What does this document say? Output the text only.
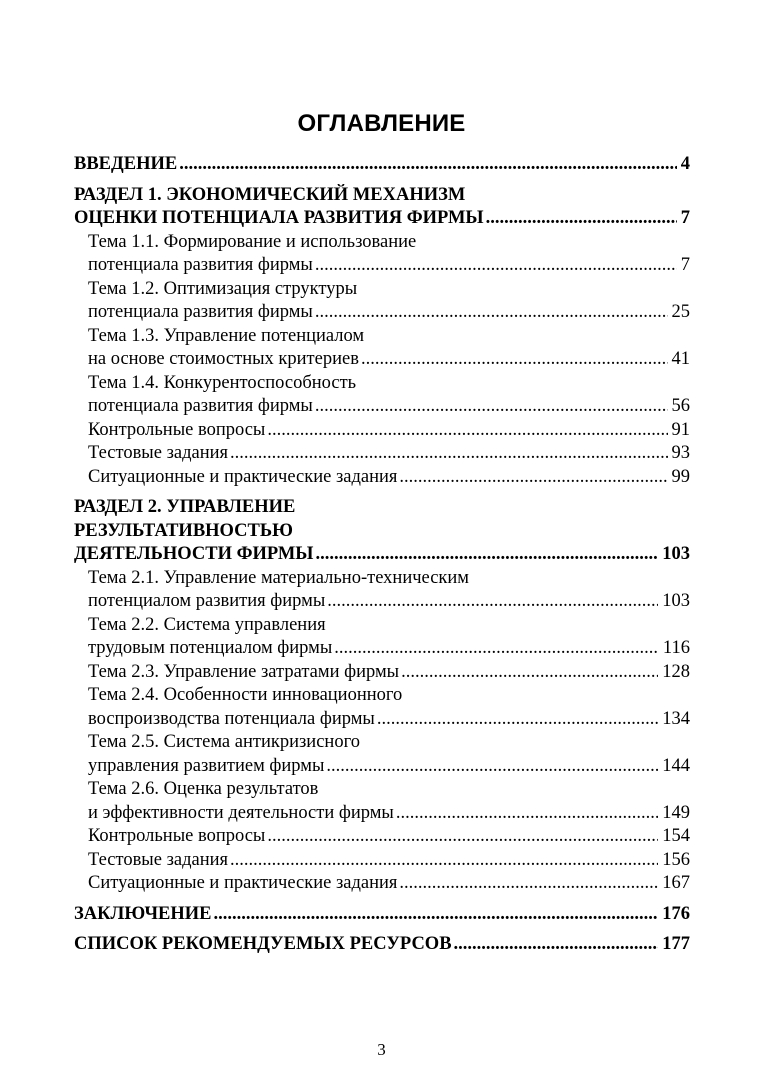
ОГЛАВЛЕНИЕ
ВВЕДЕНИЕ .....	4
РАЗДЕЛ 1. ЭКОНОМИЧЕСКИЙ МЕХАНИЗМ
ОЦЕНКИ ПОТЕНЦИАЛА РАЗВИТИЯ ФИРМЫ .....	7
Тема 1.1. Формирование и использование
потенциала развития фирмы .....	7
Тема 1.2. Оптимизация структуры
потенциала развития фирмы .....	25
Тема 1.3. Управление потенциалом
на основе стоимостных критериев .....	41
Тема 1.4. Конкурентоспособность
потенциала развития фирмы .....	56
Контрольные вопросы .....	91
Тестовые задания .....	93
Ситуационные и практические задания .....	99
РАЗДЕЛ 2. УПРАВЛЕНИЕ
РЕЗУЛЬТАТИВНОСТЬЮ
ДЕЯТЕЛЬНОСТИ ФИРМЫ .....	103
Тема 2.1. Управление материально-техническим
потенциалом развития фирмы .....	103
Тема 2.2. Система управления
трудовым потенциалом фирмы .....	116
Тема 2.3. Управление затратами фирмы .....	128
Тема 2.4. Особенности инновационного
воспроизводства потенциала фирмы .....	134
Тема 2.5. Система антикризисного
управления развитием фирмы .....	144
Тема 2.6. Оценка результатов
и эффективности деятельности фирмы .....	149
Контрольные вопросы .....	154
Тестовые задания .....	156
Ситуационные и практические задания .....	167
ЗАКЛЮЧЕНИЕ .....	176
СПИСОК РЕКОМЕНДУЕМЫХ РЕСУРСОВ .....	177
3
